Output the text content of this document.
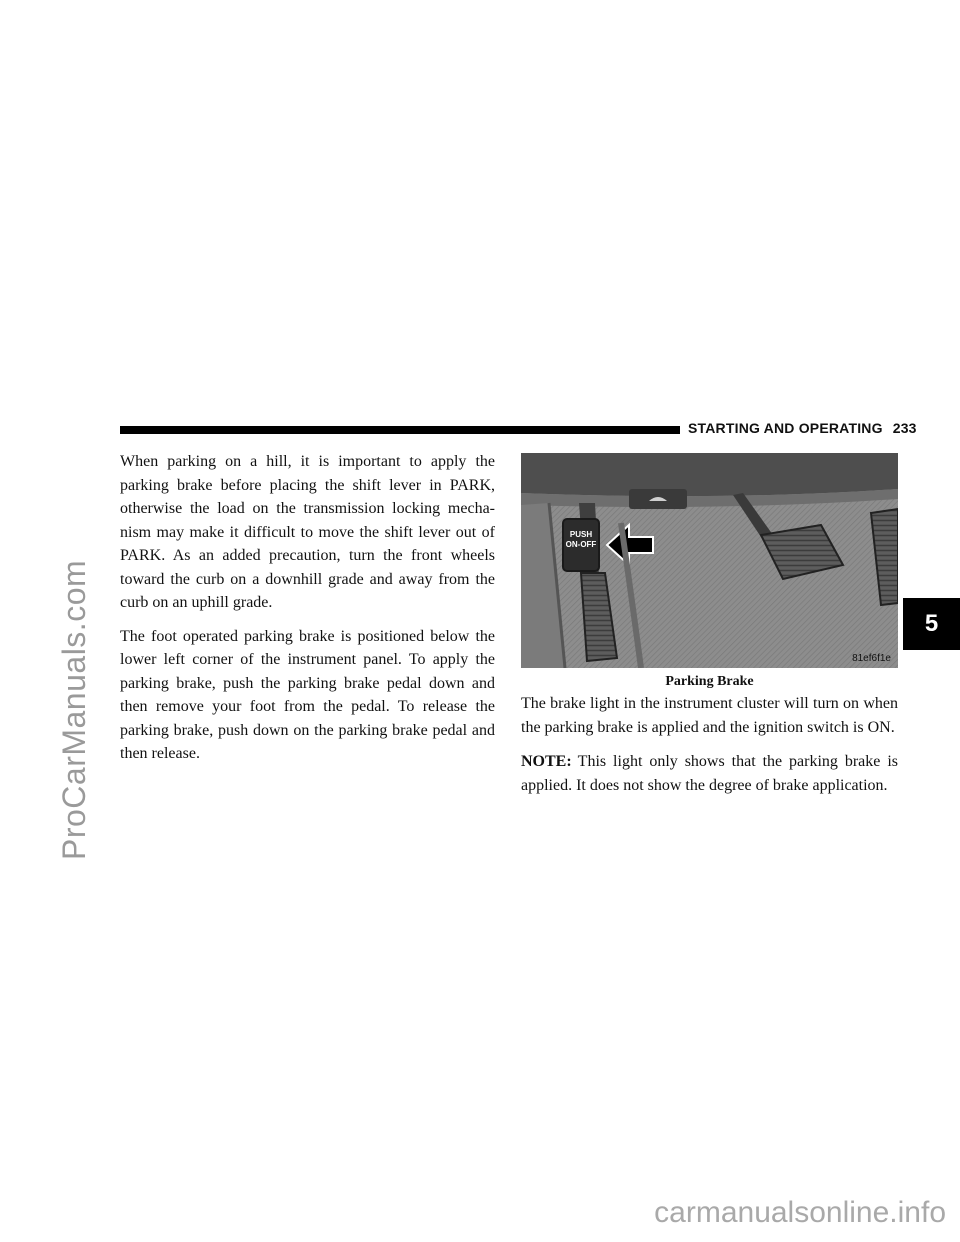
ProCarManuals.com
STARTING AND OPERATING 233
5

When parking on a hill, it is important to apply the parking brake before placing the shift lever in PARK, otherwise the load on the transmission locking mecha-nism may make it difficult to move the shift lever out of PARK. As an added precaution, turn the front wheels toward the curb on a downhill grade and away from the curb on an uphill grade.

The foot operated parking brake is positioned below the lower left corner of the instrument panel. To apply the parking brake, push the parking brake pedal down and then remove your foot from the pedal. To release the parking brake, push down on the parking brake pedal and then release.

PUSH
ON-OFF
81ef6f1e
Parking Brake

The brake light in the instrument cluster will turn on when the parking brake is applied and the ignition switch is ON.

NOTE: This light only shows that the parking brake is applied. It does not show the degree of brake application.

carmanualsonline.info
